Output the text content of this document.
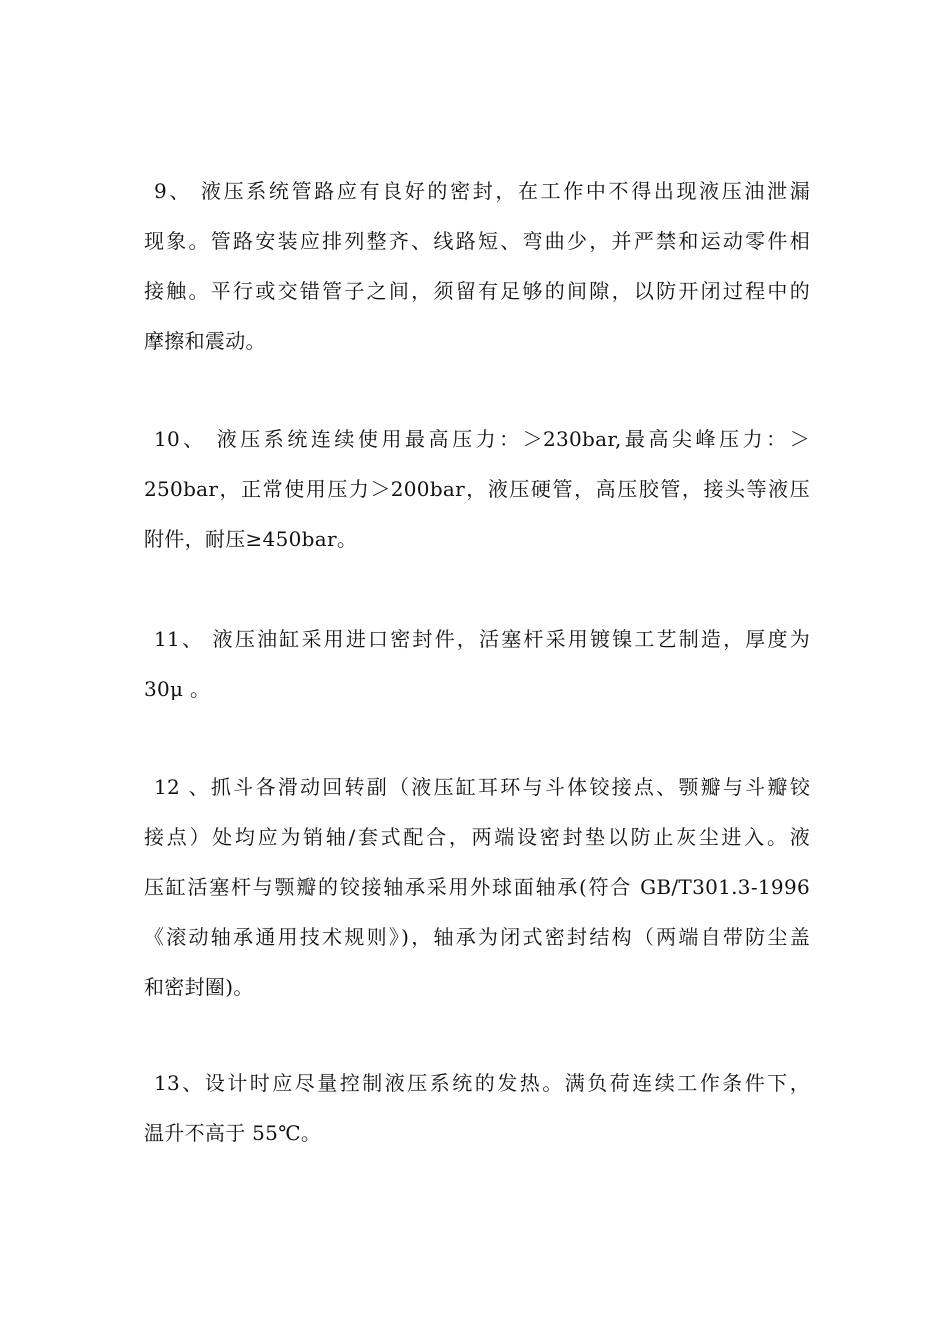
9、 液压系统管路应有良好的密封，在工作中不得出现液压油泄漏
现象。管路安装应排列整齐、线路短、弯曲少，并严禁和运动零件相
接触。平行或交错管子之间，须留有足够的间隙，以防开闭过程中的
摩擦和震动。
10、 液压系统连续使用最高压力：＞230bar,最高尖峰压力：＞
250bar，正常使用压力＞200bar，液压硬管，高压胶管，接头等液压
附件，耐压≥450bar。
11、 液压油缸采用进口密封件，活塞杆采用镀镍工艺制造，厚度为
30μ 。
12 、抓斗各滑动回转副（液压缸耳环与斗体铰接点、颚瓣与斗瓣铰
接点）处均应为销轴/套式配合，两端设密封垫以防止灰尘进入。液
压缸活塞杆与颚瓣的铰接轴承采用外球面轴承(符合 GB/T301.3-1996
《滚动轴承通用技术规则》)，轴承为闭式密封结构（两端自带防尘盖
和密封圈)。
13、设计时应尽量控制液压系统的发热。满负荷连续工作条件下，
温升不高于 55℃。
